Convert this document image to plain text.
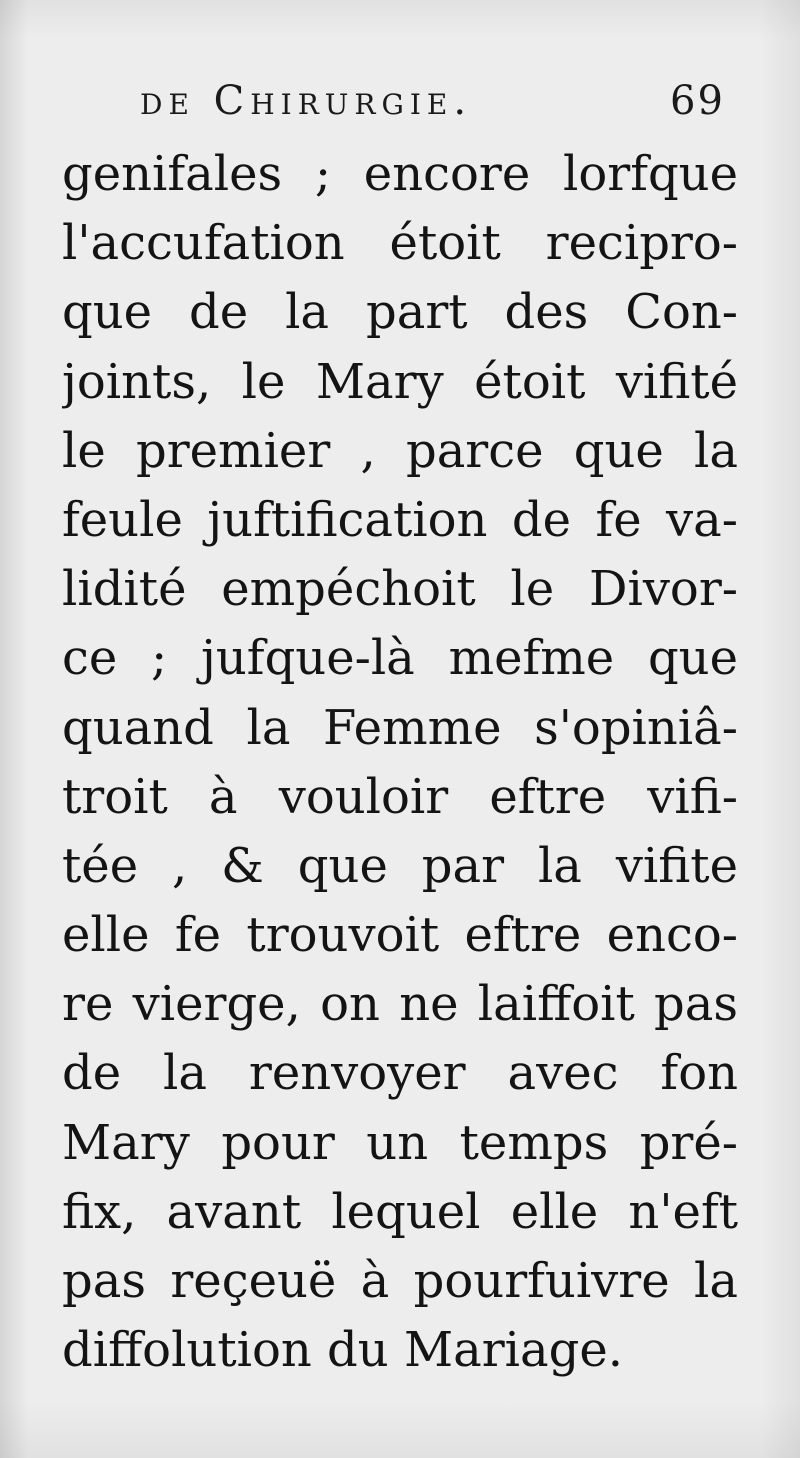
de Chirurgie.	69
genifales ; encore lorfque
l'accufation étoit recipro-
que de la part des Con-
joints, le Mary étoit vifité
le premier , parce que la
feule juftification de fe va-
lidité empéchoit le Divor-
ce ; jufque-là mefme que
quand la Femme s'opiniâ-
troit à vouloir eftre vifi-
tée , & que par la vifite
elle fe trouvoit eftre enco-
re vierge, on ne laiffoit pas
de la renvoyer avec fon
Mary pour un temps pré-
fix, avant lequel elle n'eft
pas reçeuë à pourfuivre la
diffolution du Mariage.
